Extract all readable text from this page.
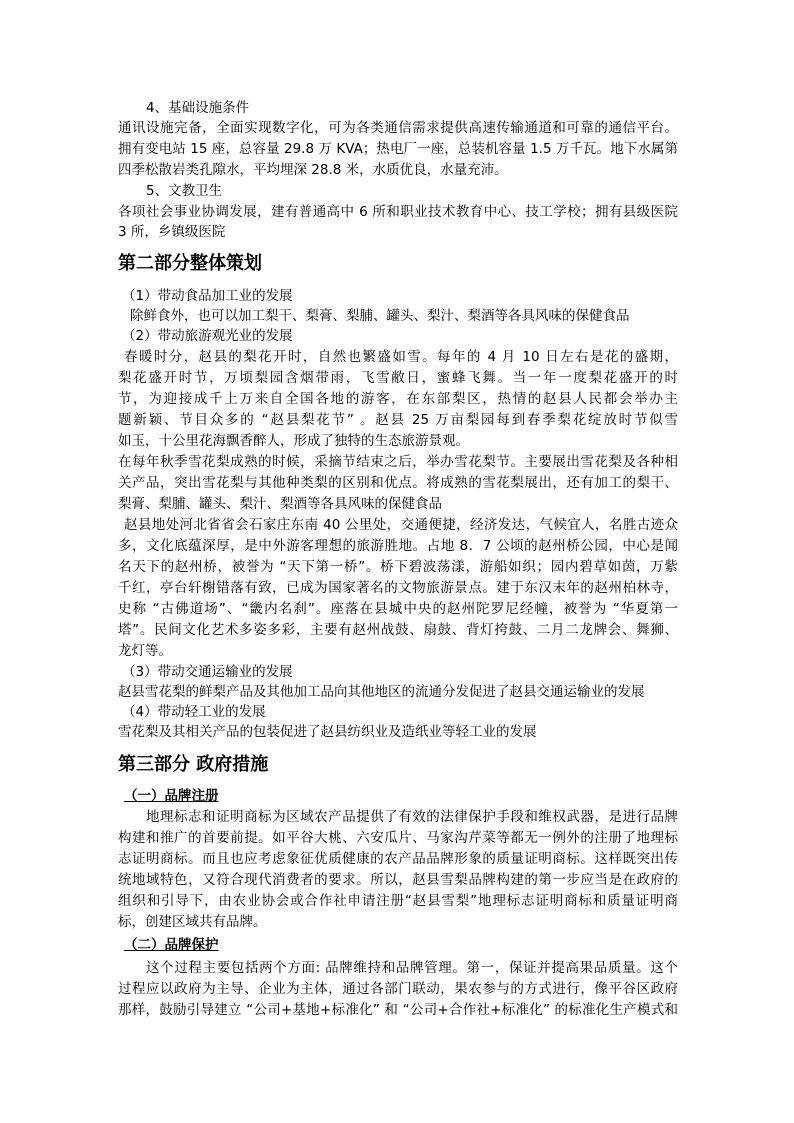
4、基础设施条件
通讯设施完备，全面实现数字化，可为各类通信需求提供高速传输通道和可靠的通信平台。
拥有变电站 15 座，总容量 29.8 万 KVA；热电厂一座，总装机容量 1.5 万千瓦。地下水属第
四季松散岩类孔隙水，平均埋深 28.8 米，水质优良，水量充沛。
5、文教卫生
各项社会事业协调发展，建有普通高中 6 所和职业技术教育中心、技工学校；拥有县级医院
3 所，乡镇级医院
第二部分整体策划
（1）带动食品加工业的发展
除鲜食外，也可以加工梨干、梨膏、梨脯、罐头、梨汁、梨酒等各具风味的保健食品
（2）带动旅游观光业的发展
春暖时分，赵县的梨花开时，自然也繁盛如雪。每年的 4 月 10 日左右是花的盛期，
梨花盛开时节，万顷梨园含烟带雨，飞雪敝日，蜜蜂飞舞。当一年一度梨花盛开的时
节，为迎接成千上万来自全国各地的游客，在东部梨区，热情的赵县人民都会举办主
题新颖、节目众多的 “赵县梨花节” 。赵县 25 万亩梨园每到春季梨花绽放时节似雪
如玉，十公里花海飘香醉人，形成了独特的生态旅游景观。
在每年秋季雪花梨成熟的时候，采摘节结束之后，举办雪花梨节。主要展出雪花梨及各种相
关产品，突出雪花梨与其他种类梨的区别和优点。将成熟的雪花梨展出，还有加工的梨干、
梨膏、梨脯、罐头、梨汁、梨酒等各具风味的保健食品
赵县地处河北省省会石家庄东南 40 公里处，交通便捷，经济发达，气候宜人，名胜古迹众
多，文化底蕴深厚，是中外游客理想的旅游胜地。占地 8．7 公顷的赵州桥公园，中心是闻
名天下的赵州桥，被誉为 “天下第一桥”。桥下碧波荡漾，游船如织；园内碧草如茵，万紫
千红，亭台轩榭错落有致，已成为国家著名的文物旅游景点。建于东汉末年的赵州柏林寺，
史称 “古佛道场”、“畿内名刹”。座落在县城中央的赵州陀罗尼经幢，被誉为 “华夏第一
塔”。民间文化艺术多姿多彩，主要有赵州战鼓、扇鼓、背灯挎鼓、二月二龙牌会、舞狮、
龙灯等。
（3）带动交通运输业的发展
赵县雪花梨的鲜梨产品及其他加工品向其他地区的流通分发促进了赵县交通运输业的发展
（4）带动轻工业的发展
雪花梨及其相关产品的包装促进了赵县纺织业及造纸业等轻工业的发展
第三部分 政府措施
（一）品牌注册
地理标志和证明商标为区域农产品提供了有效的法律保护手段和维权武器，是进行品牌
构建和推广的首要前提。如平谷大桃、六安瓜片、马家沟芹菜等都无一例外的注册了地理标
志证明商标。而且也应考虑象征优质健康的农产品品牌形象的质量证明商标。这样既突出传
统地域特色，又符合现代消费者的要求。所以，赵县雪梨品牌构建的第一步应当是在政府的
组织和引导下，由农业协会或合作社申请注册“赵县雪梨”地理标志证明商标和质量证明商
标，创建区域共有品牌。
（二）品牌保护
这个过程主要包括两个方面: 品牌维持和品牌管理。第一，保证并提高果品质量。这个
过程应以政府为主导、企业为主体，通过各部门联动，果农参与的方式进行，像平谷区政府
那样，鼓励引导建立 “公司+基地+标准化” 和 “公司+合作社+标准化” 的标准化生产模式和
